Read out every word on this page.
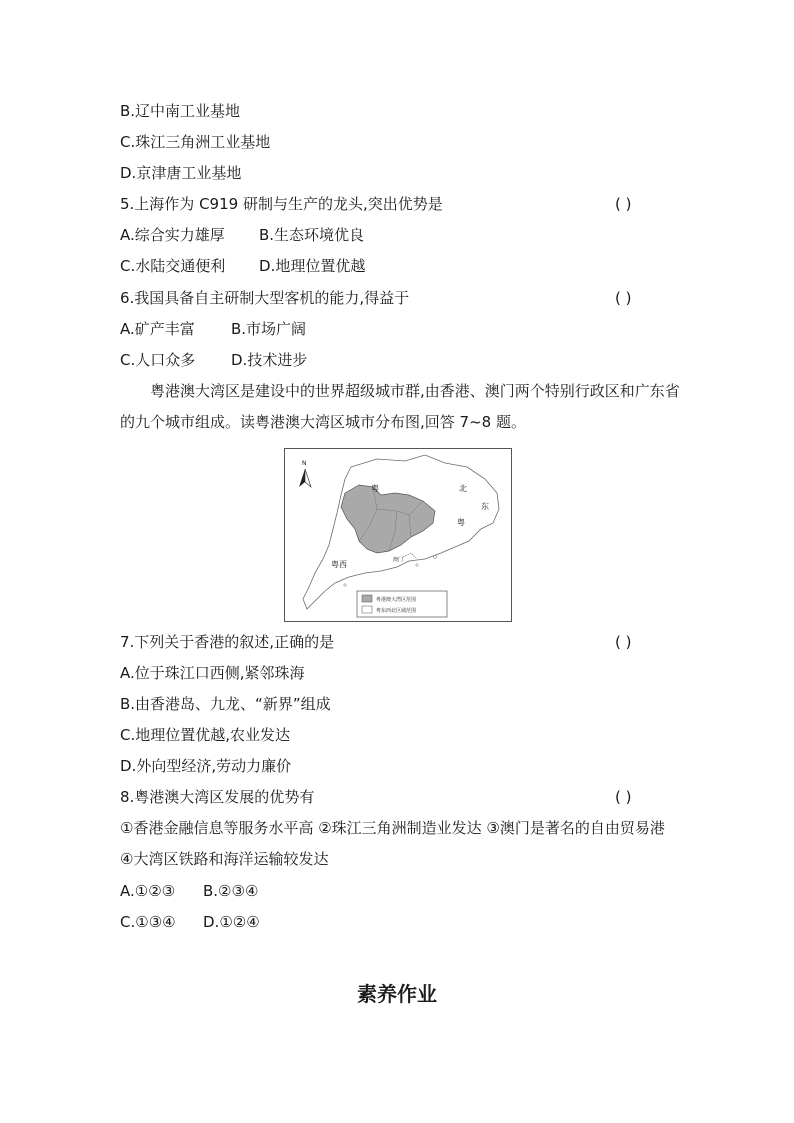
B.辽中南工业基地
C.珠江三角洲工业基地
D.京津唐工业基地
5.上海作为 C919 研制与生产的龙头,突出优势是	( )
A.综合实力雄厚 B.生态环境优良
C.水陆交通便利 D.地理位置优越
6.我国具备自主研制大型客机的能力,得益于	( )
A.矿产丰富 B.市场广阔
C.人口众多 D.技术进步
粤港澳大湾区是建设中的世界超级城市群,由香港、澳门两个特别行政区和广东省的九个城市组成。读粤港澳大湾区城市分布图,回答 7~8 题。
N
粤	北
东
粤
粤西	澳门
粤港澳大湾区范围
粤东西北区域范围
7.下列关于香港的叙述,正确的是	( )
A.位于珠江口西侧,紧邻珠海
B.由香港岛、九龙、“新界”组成
C.地理位置优越,农业发达
D.外向型经济,劳动力廉价
8.粤港澳大湾区发展的优势有	( )
①香港金融信息等服务水平高 ②珠江三角洲制造业发达 ③澳门是著名的自由贸易港 ④大湾区铁路和海洋运输较发达
A.①②③ B.②③④
C.①③④ D.①②④
素养作业
